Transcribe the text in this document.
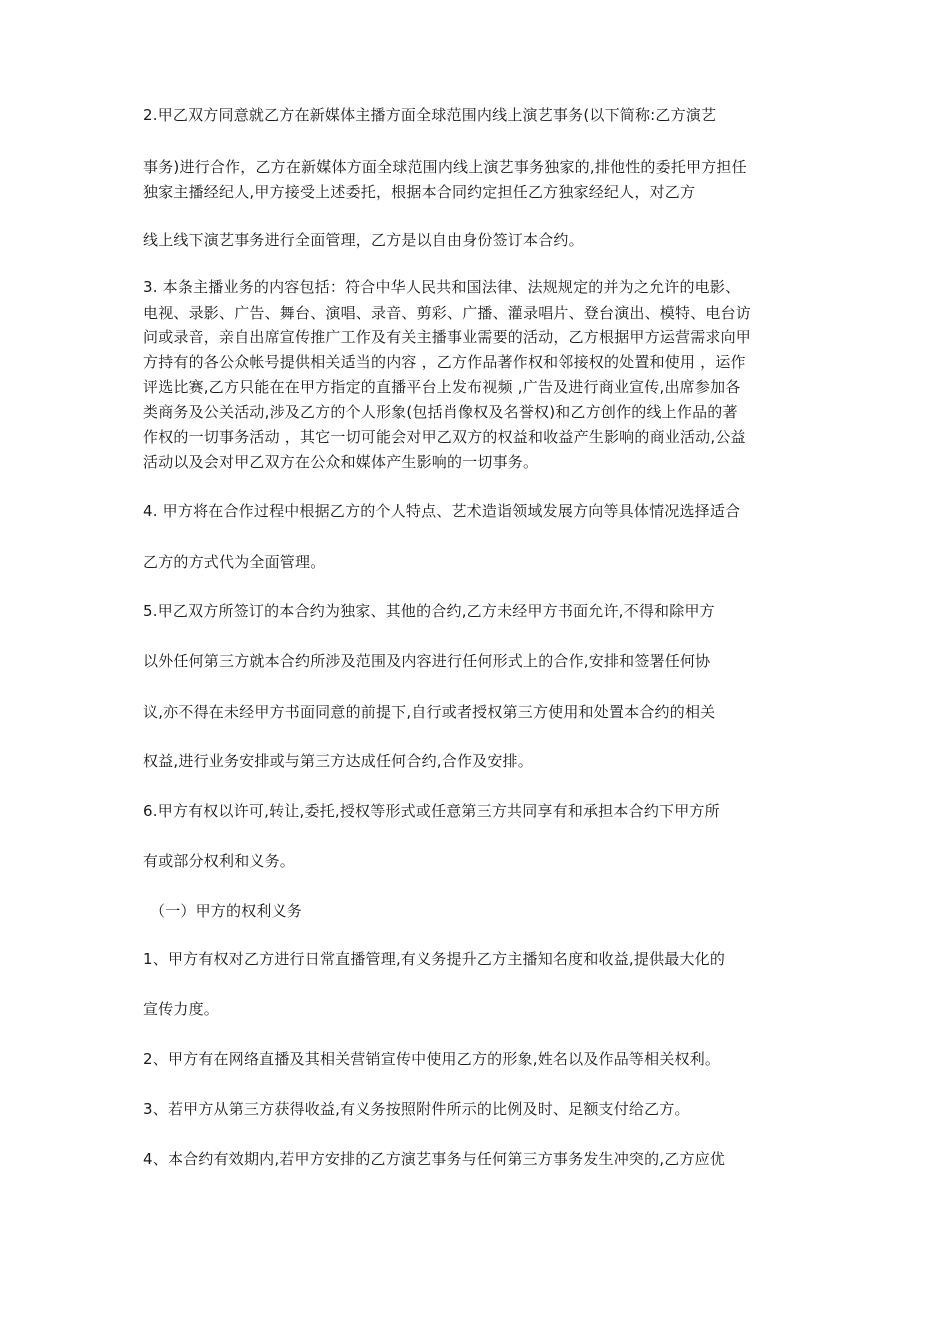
2.甲乙双方同意就乙方在新媒体主播方面全球范围内线上演艺事务(以下简称:乙方演艺
事务)进行合作，乙方在新媒体方面全球范围内线上演艺事务独家的,排他性的委托甲方担任
独家主播经纪人,甲方接受上述委托，根据本合同约定担任乙方独家经纪人，对乙方
线上线下演艺事务进行全面管理，乙方是以自由身份签订本合约。
3. 本条主播业务的内容包括：符合中华人民共和国法律、法规规定的并为之允许的电影、
电视、录影、广告、舞台、演唱、录音、剪彩、广播、灌录唱片、登台演出、模特、电台访
问或录音，亲自出席宣传推广工作及有关主播事业需要的活动，乙方根据甲方运营需求向甲
方持有的各公众帐号提供相关适当的内容 ，乙方作品著作权和邻接权的处置和使用 ，运作
评选比赛,乙方只能在在甲方指定的直播平台上发布视频 ,广告及进行商业宣传,出席参加各
类商务及公关活动,涉及乙方的个人形象(包括肖像权及名誉权)和乙方创作的线上作品的著
作权的一切事务活动 ，其它一切可能会对甲乙双方的权益和收益产生影响的商业活动,公益
活动以及会对甲乙双方在公众和媒体产生影响的一切事务。
4. 甲方将在合作过程中根据乙方的个人特点、艺术造诣领域发展方向等具体情况选择适合
乙方的方式代为全面管理。
5.甲乙双方所签订的本合约为独家、其他的合约,乙方未经甲方书面允许,不得和除甲方
以外任何第三方就本合约所涉及范围及内容进行任何形式上的合作,安排和签署任何协
议,亦不得在未经甲方书面同意的前提下,自行或者授权第三方使用和处置本合约的相关
权益,进行业务安排或与第三方达成任何合约,合作及安排。
6.甲方有权以许可,转让,委托,授权等形式或任意第三方共同享有和承担本合约下甲方所
有或部分权利和义务。
（一）甲方的权利义务
1、甲方有权对乙方进行日常直播管理,有义务提升乙方主播知名度和收益,提供最大化的
宣传力度。
2、甲方有在网络直播及其相关营销宣传中使用乙方的形象,姓名以及作品等相关权利。
3、若甲方从第三方获得收益,有义务按照附件所示的比例及时、足额支付给乙方。
4、本合约有效期内,若甲方安排的乙方演艺事务与任何第三方事务发生冲突的,乙方应优
